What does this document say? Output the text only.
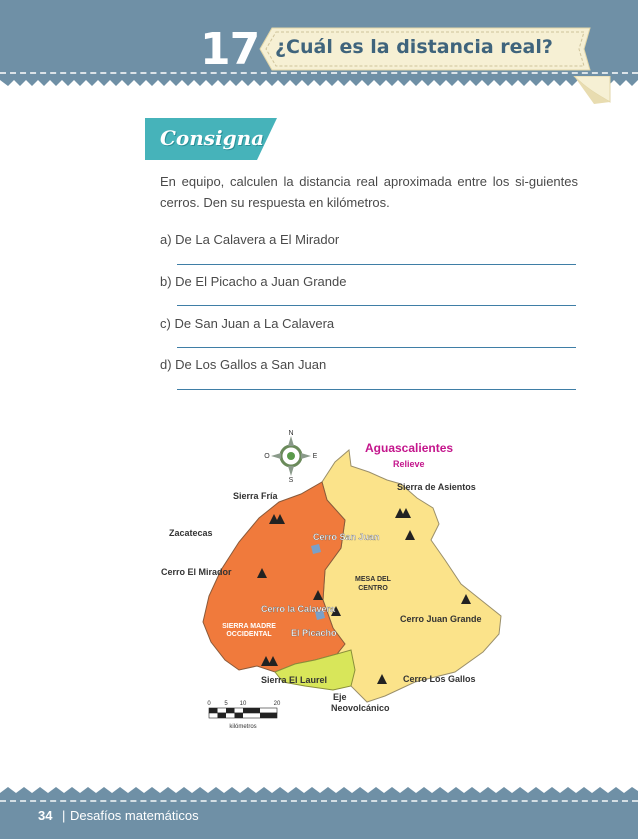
17 ¿Cuál es la distancia real?
Consigna
En equipo, calculen la distancia real aproximada entre los si-guientes cerros. Den su respuesta en kilómetros.
a) De La Calavera a El Mirador
b) De El Picacho a Juan Grande
c) De San Juan a La Calavera
d) De Los Gallos a San Juan
N
S
O	E
Aguascalientes
Relieve
Sierra Fría
Sierra de Asientos
Zacatecas	Cerro San Juan
Cerro El Mirador
MESA DEL
CENTRO
Cerro la Calavera
SIERRA MADRE
OCCIDENTAL El Picacho
Cerro Juan Grande
Sierra El Laurel	Cerro Los Gallos
Eje
Neovolcánico
0 5 10	20
kilómetros
34 | Desafíos matemáticos
